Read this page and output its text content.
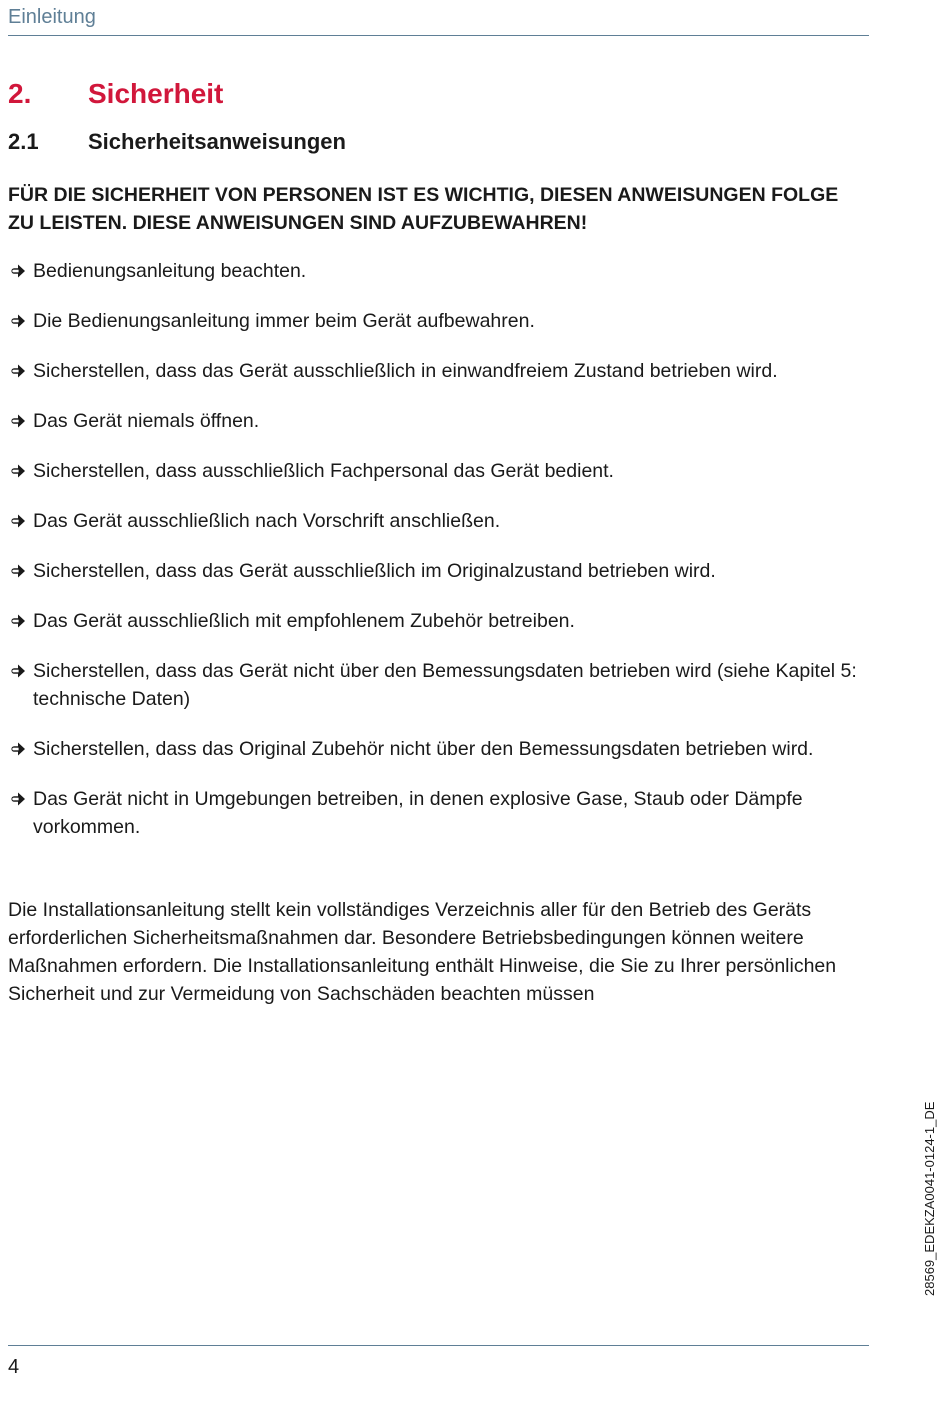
Einleitung
2.	Sicherheit
2.1	Sicherheitsanweisungen
FÜR DIE SICHERHEIT VON PERSONEN IST ES WICHTIG, DIESEN ANWEISUNGEN FOLGE ZU LEISTEN. DIESE ANWEISUNGEN SIND AUFZUBEWAHREN!
Bedienungsanleitung beachten.
Die Bedienungsanleitung immer beim Gerät aufbewahren.
Sicherstellen, dass das Gerät ausschließlich in einwandfreiem Zustand betrieben wird.
Das Gerät niemals öffnen.
Sicherstellen, dass ausschließlich Fachpersonal das Gerät bedient.
Das Gerät ausschließlich nach Vorschrift anschließen.
Sicherstellen, dass das Gerät ausschließlich im Originalzustand betrieben wird.
Das Gerät ausschließlich mit empfohlenem Zubehör betreiben.
Sicherstellen, dass das Gerät nicht über den Bemessungsdaten betrieben wird (siehe Kapitel 5: technische Daten)
Sicherstellen, dass das Original Zubehör nicht über den Bemessungsdaten betrieben wird.
Das Gerät nicht in Umgebungen betreiben, in denen explosive Gase, Staub oder Dämpfe vorkommen.
Die Installationsanleitung stellt kein vollständiges Verzeichnis aller für den Betrieb des Geräts erforderlichen Sicherheitsmaßnahmen dar. Besondere Betriebsbedingungen können weitere Maßnahmen erfordern. Die Installationsanleitung enthält Hinweise, die Sie zu Ihrer persönlichen Sicherheit und zur Vermeidung von Sachschäden beachten müssen
4
28569_EDEKZA0041-0124-1_DE
